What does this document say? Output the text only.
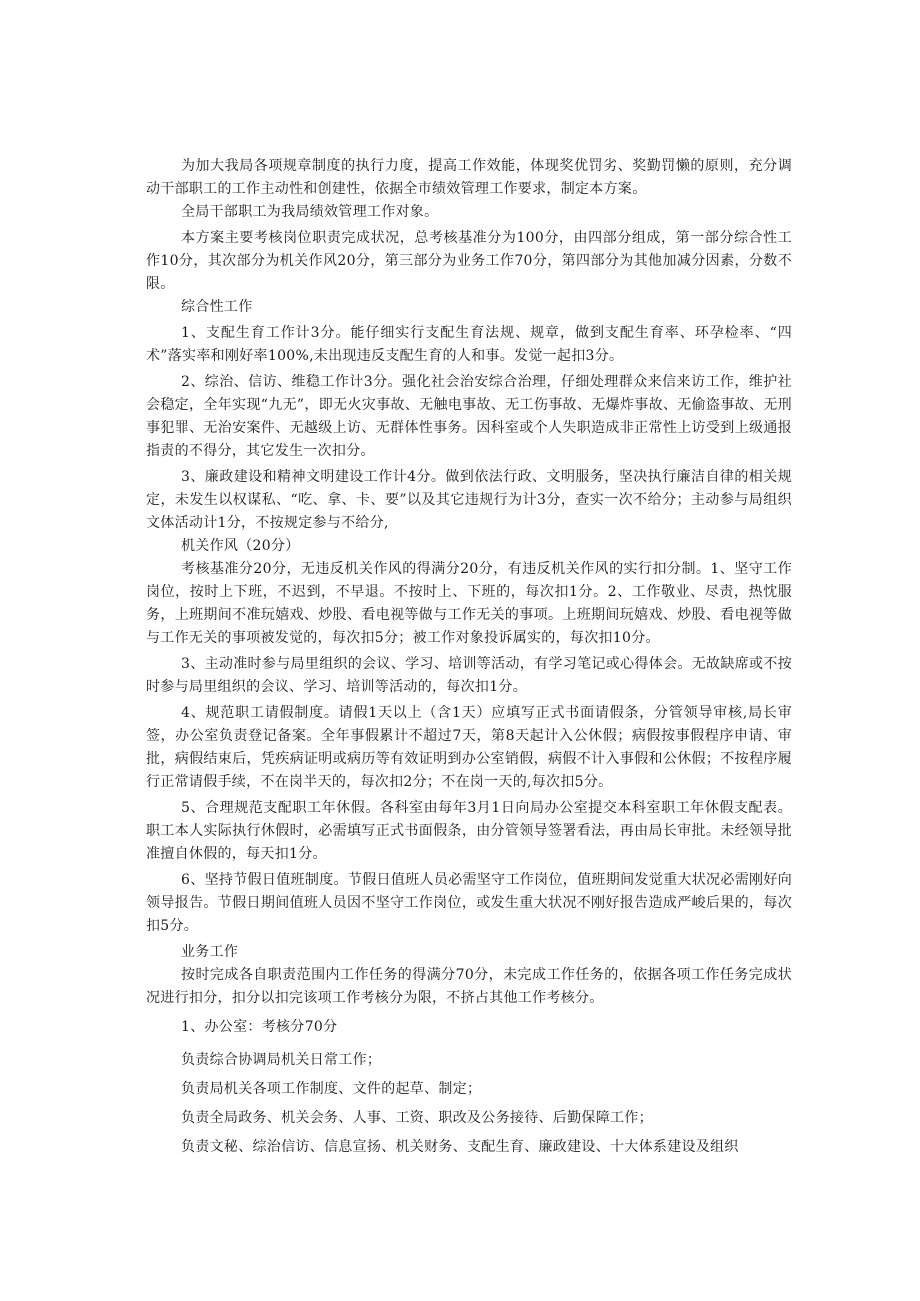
为加大我局各项规章制度的执行力度，提高工作效能，体现奖优罚劣、奖勤罚懒的原则，充分调动干部职工的工作主动性和创建性，依据全市绩效管理工作要求，制定本方案。

全局干部职工为我局绩效管理工作对象。

本方案主要考核岗位职责完成状况，总考核基准分为100分，由四部分组成，第一部分综合性工作10分，其次部分为机关作风20分，第三部分为业务工作70分，第四部分为其他加减分因素，分数不限。

综合性工作

1、支配生育工作计3分。能仔细实行支配生育法规、规章，做到支配生育率、环孕检率、“四术”落实率和刚好率100%,未出现违反支配生育的人和事。发觉一起扣3分。

2、综治、信访、维稳工作计3分。强化社会治安综合治理，仔细处理群众来信来访工作，维护社会稳定，全年实现“九无”，即无火灾事故、无触电事故、无工伤事故、无爆炸事故、无偷盗事故、无刑事犯罪、无治安案件、无越级上访、无群体性事务。因科室或个人失职造成非正常性上访受到上级通报指责的不得分，其它发生一次扣分。

3、廉政建设和精神文明建设工作计4分。做到依法行政、文明服务，坚决执行廉洁自律的相关规定，未发生以权谋私、“吃、拿、卡、要”以及其它违规行为计3分，查实一次不给分；主动参与局组织文体活动计1分，不按规定参与不给分,

机关作风（20分）

考核基准分20分，无违反机关作风的得满分20分，有违反机关作风的实行扣分制。1、坚守工作岗位，按时上下班，不迟到，不早退。不按时上、下班的，每次扣1分。2、工作敬业、尽责，热忱服务，上班期间不准玩嬉戏、炒股、看电视等做与工作无关的事项。上班期间玩嬉戏、炒股、看电视等做与工作无关的事项被发觉的，每次扣5分；被工作对象投诉属实的，每次扣10分。

3、主动准时参与局里组织的会议、学习、培训等活动，有学习笔记或心得体会。无故缺席或不按时参与局里组织的会议、学习、培训等活动的，每次扣1分。

4、规范职工请假制度。请假1天以上（含1天）应填写正式书面请假条，分管领导审核,局长审签，办公室负责登记备案。全年事假累计不超过7天，第8天起计入公休假；病假按事假程序申请、审批，病假结束后，凭疾病证明或病历等有效证明到办公室销假，病假不计入事假和公休假；不按程序履行正常请假手续，不在岗半天的，每次扣2分；不在岗一天的,每次扣5分。

5、合理规范支配职工年休假。各科室由每年3月1日向局办公室提交本科室职工年休假支配表。职工本人实际执行休假时，必需填写正式书面假条，由分管领导签署看法，再由局长审批。未经领导批准擅自休假的，每天扣1分。

6、坚持节假日值班制度。节假日值班人员必需坚守工作岗位，值班期间发觉重大状况必需刚好向领导报告。节假日期间值班人员因不坚守工作岗位，或发生重大状况不刚好报告造成严峻后果的，每次扣5分。

业务工作

按时完成各自职责范围内工作任务的得满分70分，未完成工作任务的，依据各项工作任务完成状况进行扣分，扣分以扣完该项工作考核分为限，不挤占其他工作考核分。

1、办公室：考核分70分

负责综合协调局机关日常工作；

负责局机关各项工作制度、文件的起草、制定；

负责全局政务、机关会务、人事、工资、职改及公务接待、后勤保障工作；

负责文秘、综治信访、信息宣扬、机关财务、支配生育、廉政建设、十大体系建设及组织
